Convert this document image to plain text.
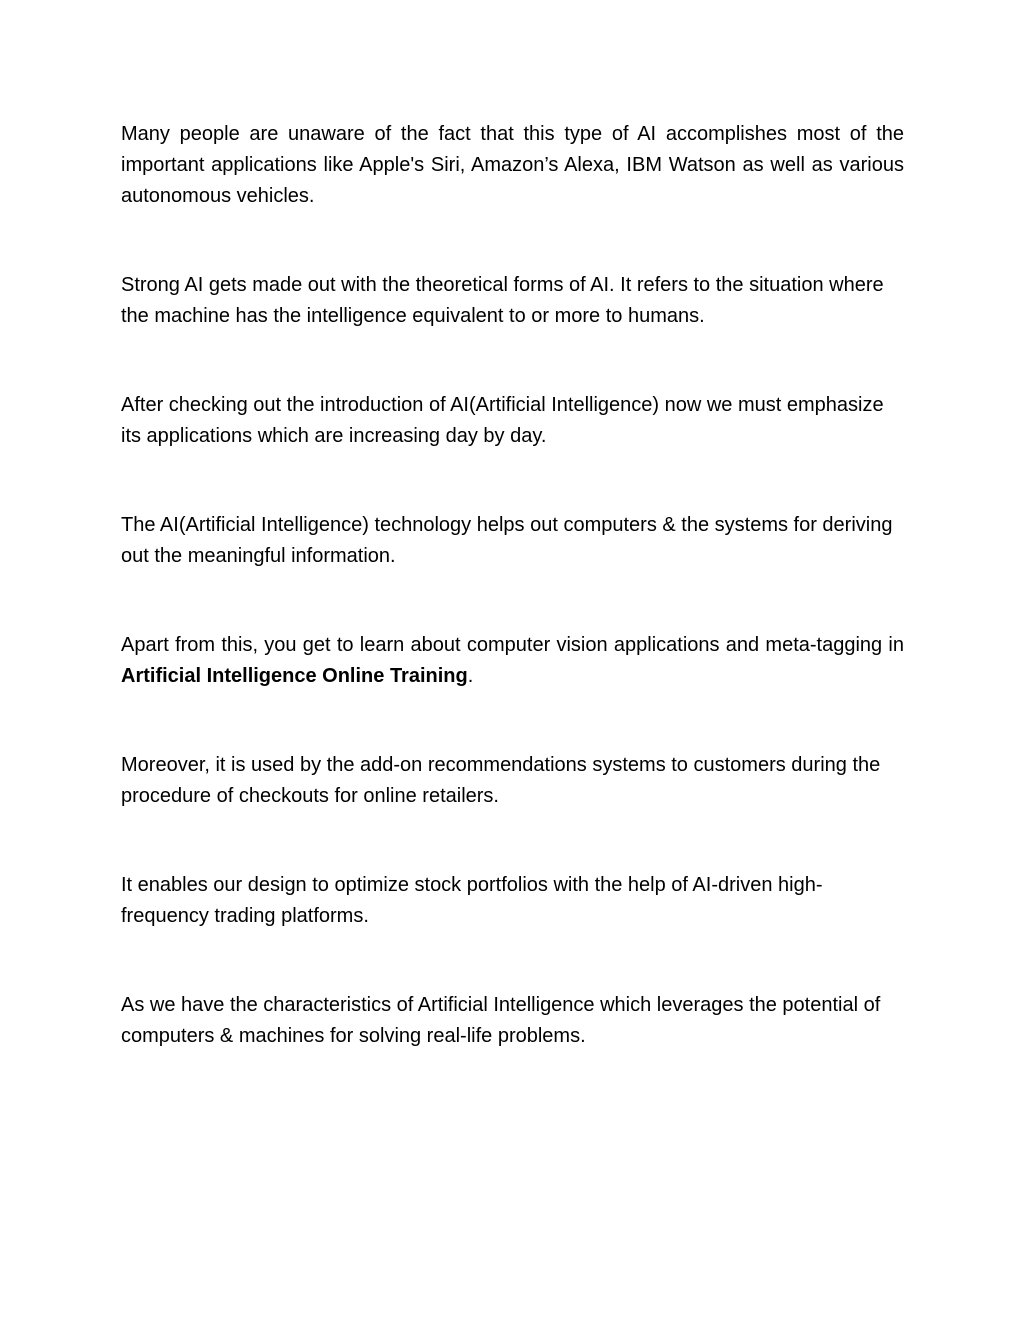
Many people are unaware of the fact that this type of AI accomplishes most of the important applications like Apple's Siri, Amazon’s Alexa, IBM Watson as well as various autonomous vehicles.

Strong AI gets made out with the theoretical forms of AI. It refers to the situation where the machine has the intelligence equivalent to or more to humans.

After checking out the introduction of AI(Artificial Intelligence) now we must emphasize its applications which are increasing day by day.

The AI(Artificial Intelligence) technology helps out computers & the systems for deriving out the meaningful information.

Apart from this, you get to learn about computer vision applications and meta-tagging in Artificial Intelligence Online Training.

Moreover, it is used by the add-on recommendations systems to customers during the procedure of checkouts for online retailers.

It enables our design to optimize stock portfolios with the help of AI-driven high-frequency trading platforms.

As we have the characteristics of Artificial Intelligence which leverages the potential of computers & machines for solving real-life problems.
